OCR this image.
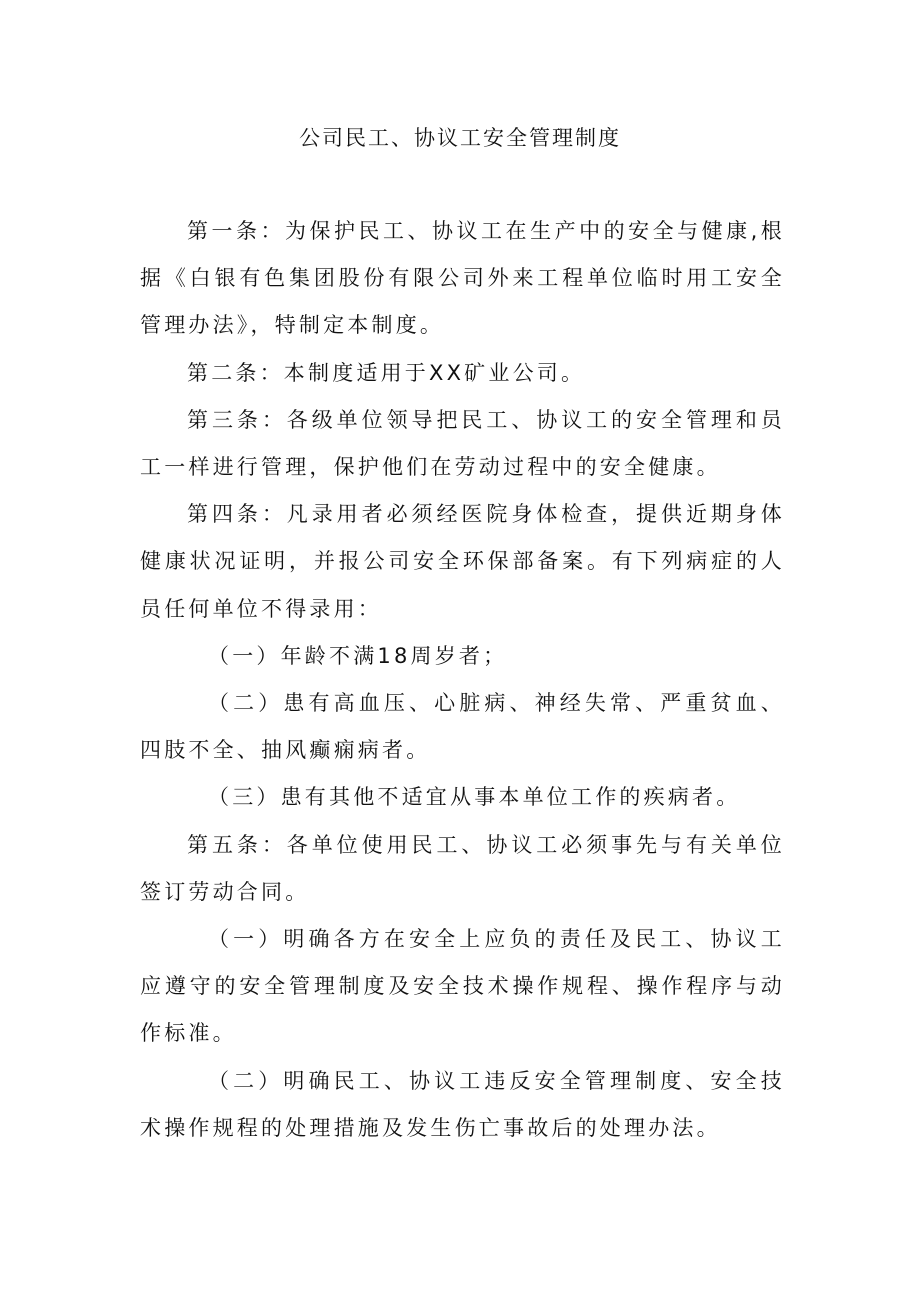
公司民工、协议工安全管理制度

第一条：为保护民工、协议工在生产中的安全与健康,根据《白银有色集团股份有限公司外来工程单位临时用工安全管理办法》，特制定本制度。

第二条：本制度适用于XX矿业公司。

第三条：各级单位领导把民工、协议工的安全管理和员工一样进行管理，保护他们在劳动过程中的安全健康。

第四条：凡录用者必须经医院身体检查，提供近期身体健康状况证明，并报公司安全环保部备案。有下列病症的人员任何单位不得录用：

（一）年龄不满18周岁者；

（二）患有高血压、心脏病、神经失常、严重贫血、四肢不全、抽风癫痫病者。

（三）患有其他不适宜从事本单位工作的疾病者。

第五条：各单位使用民工、协议工必须事先与有关单位签订劳动合同。

（一）明确各方在安全上应负的责任及民工、协议工应遵守的安全管理制度及安全技术操作规程、操作程序与动作标准。

（二）明确民工、协议工违反安全管理制度、安全技术操作规程的处理措施及发生伤亡事故后的处理办法。
